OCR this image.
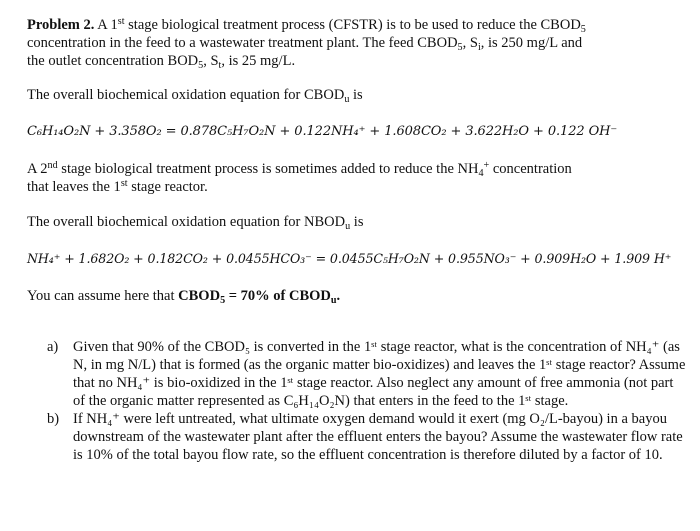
Problem 2. A 1st stage biological treatment process (CFSTR) is to be used to reduce the $CBOD_5$
concentration in the feed to a wastewater treatment plant. The feed $CBOD_5$, $S_i$, is 250 mg/L and
the outlet concentration $BOD_5$, $S_t$, is 25 mg/L.

The overall biochemical oxidation equation for $CBOD_u$ is

C₆H₁₄O₂N + 3.358O₂ = 0.878C₅H₇O₂N + 0.122NH₄⁺ + 1.608CO₂ + 3.622H₂O + 0.122 OH⁻

A 2nd stage biological treatment process is sometimes added to reduce the $NH_4^+$ concentration
that leaves the 1st stage reactor.

The overall biochemical oxidation equation for $NBOD_u$ is

NH₄⁺ + 1.682O₂ + 0.182CO₂ + 0.0455HCO₃⁻ = 0.0455C₅H₇O₂N + 0.955NO₃⁻ + 0.909H₂O + 1.909 H⁺

You can assume here that $CBOD_5 = 70\%$ of $CBOD_u$.

a) Given that 90% of the CBOD₅ is converted in the 1ˢᵗ stage reactor, what is the concentration of NH₄⁺ (as N, in mg N/L) that is formed (as the organic matter bio-oxidizes) and leaves the 1ˢᵗ stage reactor? Assume that no NH₄⁺ is bio-oxidized in the 1ˢᵗ stage reactor. Also neglect any amount of free ammonia (not part of the organic matter represented as C₆H₁₄O₂N) that enters in the feed to the 1ˢᵗ stage.
b) If NH₄⁺ were left untreated, what ultimate oxygen demand would it exert (mg O₂/L-bayou) in a bayou downstream of the wastewater plant after the effluent enters the bayou? Assume the wastewater flow rate is 10% of the total bayou flow rate, so the effluent concentration is therefore diluted by a factor of 10.
